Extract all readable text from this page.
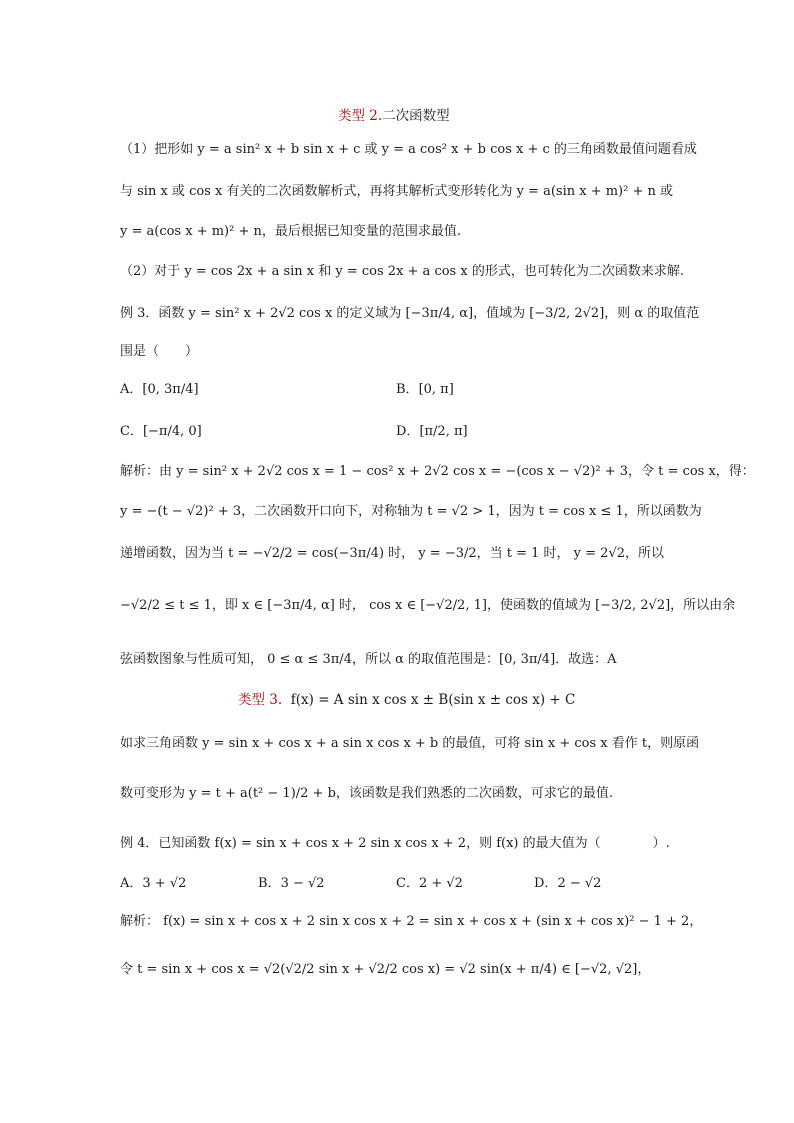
类型 2.二次函数型
（1）把形如 y = a sin² x + b sin x + c 或 y = a cos² x + b cos x + c 的三角函数最值问题看成
与 sin x 或 cos x 有关的二次函数解析式，再将其解析式变形转化为 y = a(sin x + m)² + n 或
y = a(cos x + m)² + n，最后根据已知变量的范围求最值.
（2）对于 y = cos 2x + a sin x 和 y = cos 2x + a cos x 的形式，也可转化为二次函数来求解.
例 3．函数 y = sin² x + 2√2 cos x 的定义域为 [−3π/4, α]，值域为 [−3/2, 2√2]，则 α 的取值范
围是（　　）
A．[0, 3π/4]	B．[0, π]
C．[−π/4, 0]	D．[π/2, π]
解析：由 y = sin² x + 2√2 cos x = 1 − cos² x + 2√2 cos x = −(cos x − √2)² + 3，令 t = cos x，得：
y = −(t − √2)² + 3，二次函数开口向下，对称轴为 t = √2 > 1，因为 t = cos x ≤ 1，所以函数为
递增函数，因为当 t = −√2/2 = cos(−3π/4) 时， y = −3/2，当 t = 1 时， y = 2√2，所以
−√2/2 ≤ t ≤ 1，即 x ∈ [−3π/4, α] 时， cos x ∈ [−√2/2, 1]，使函数的值域为 [−3/2, 2√2]，所以由余
弦函数图象与性质可知， 0 ≤ α ≤ 3π/4，所以 α 的取值范围是：[0, 3π/4]．故选：A
类型 3. f(x) = A sin x cos x ± B(sin x ± cos x) + C
如求三角函数 y = sin x + cos x + a sin x cos x + b 的最值，可将 sin x + cos x 看作 t，则原函
数可变形为 y = t + a(t² − 1)/2 + b，该函数是我们熟悉的二次函数，可求它的最值.
例 4．已知函数 f(x) = sin x + cos x + 2 sin x cos x + 2，则 f(x) 的最大值为（　　　　）.
A．3 + √2	B．3 − √2	C．2 + √2	D．2 − √2
解析： f(x) = sin x + cos x + 2 sin x cos x + 2 = sin x + cos x + (sin x + cos x)² − 1 + 2，
令 t = sin x + cos x = √2(√2/2 sin x + √2/2 cos x) = √2 sin(x + π/4) ∈ [−√2, √2]，
